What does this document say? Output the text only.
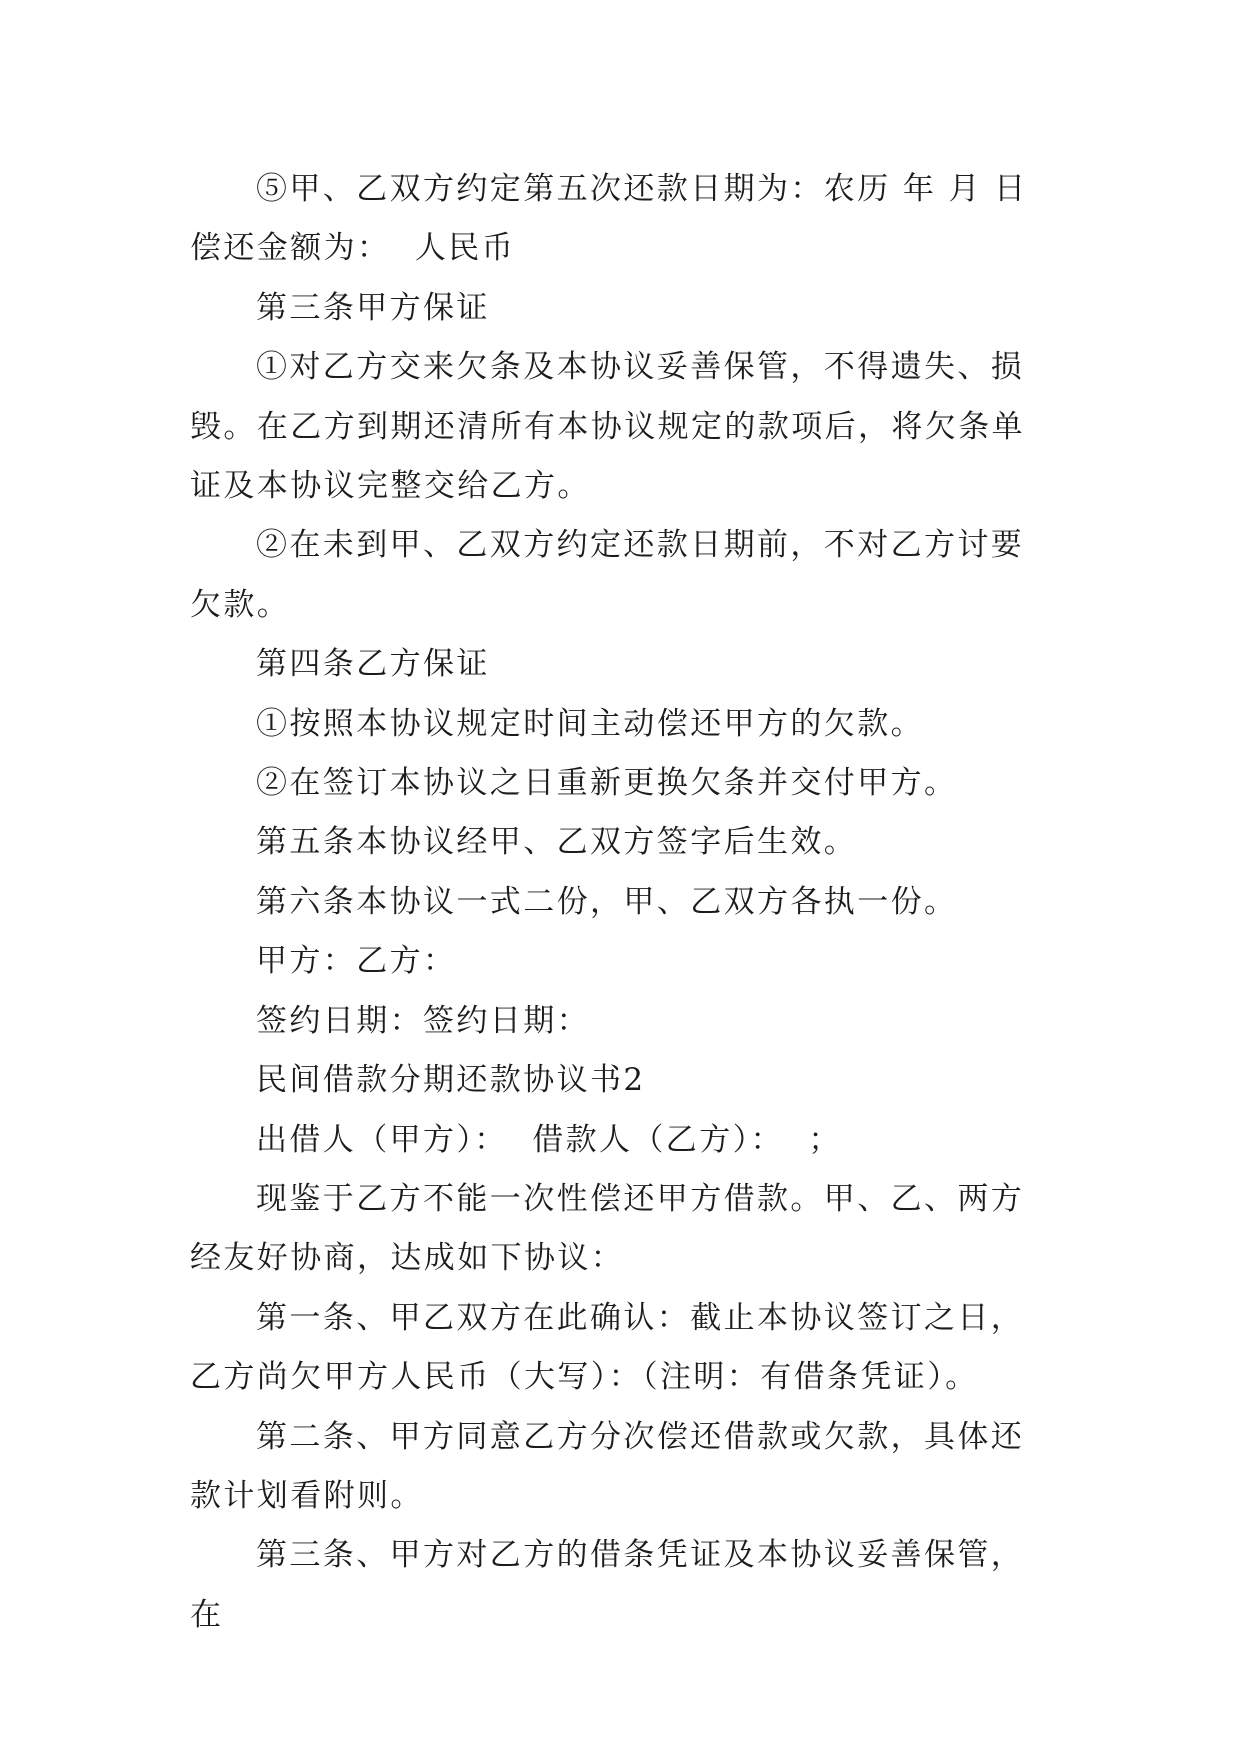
⑤甲、乙双方约定第五次还款日期为：农历 年 月 日偿还金额为：  人民币

第三条甲方保证

①对乙方交来欠条及本协议妥善保管，不得遗失、损毁。在乙方到期还清所有本协议规定的款项后，将欠条单证及本协议完整交给乙方。

②在未到甲、乙双方约定还款日期前，不对乙方讨要欠款。

第四条乙方保证

①按照本协议规定时间主动偿还甲方的欠款。

②在签订本协议之日重新更换欠条并交付甲方。

第五条本协议经甲、乙双方签字后生效。

第六条本协议一式二份，甲、乙双方各执一份。

甲方：乙方：

签约日期：签约日期：

民间借款分期还款协议书2

出借人（甲方）：  借款人（乙方）：  ；

现鉴于乙方不能一次性偿还甲方借款。甲、乙、两方经友好协商，达成如下协议：

第一条、甲乙双方在此确认：截止本协议签订之日，乙方尚欠甲方人民币（大写）：（注明：有借条凭证）。

第二条、甲方同意乙方分次偿还借款或欠款，具体还款计划看附则。

第三条、甲方对乙方的借条凭证及本协议妥善保管，在
